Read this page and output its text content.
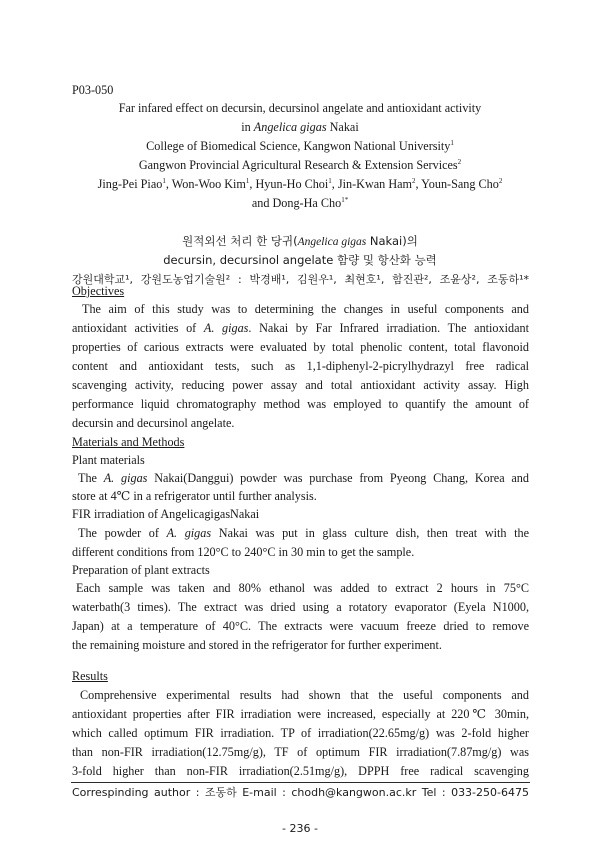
P03-050
Far infared effect on decursin, decursinol angelate and antioxidant activity
in Angelica gigas Nakai
College of Biomedical Science, Kangwon National University$^1$
Gangwon Provincial Agricultural Research & Extension Services$^2$
Jing-Pei Piao$^1$, Won-Woo Kim$^1$, Hyun-Ho Choi$^1$, Jin-Kwan Ham$^2$, Youn-Sang Cho$^2$
and Dong-Ha Cho$^{1*}$
원적외선 처리 한 당귀(Angelica gigas Nakai)의
decursin, decursinol angelate 함량 및 항산화 능력
강원대학교¹, 강원도농업기술원² : 박경배¹, 김원우¹, 최현호¹, 함진관², 조윤상², 조동하¹*
Objectives
The aim of this study was to determining the changes in useful components and
antioxidant activities of A. gigas. Nakai by Far Infrared irradiation. The antioxidant
properties of carious extracts were evaluated by total phenolic content, total flavonoid
content and antioxidant tests, such as 1,1-diphenyl-2-picrylhydrazyl free radical
scavenging activity, reducing power assay and total antioxidant activity assay. High
performance liquid chromatography method was employed to quantify the amount of
decursin and decursinol angelate.
Materials and Methods
Plant materials
The A. gigas Nakai(Danggui) powder was purchase from Pyeong Chang, Korea and
store at 4℃ in a refrigerator until further analysis.
FIR irradiation of AngelicagigasNakai
The powder of A. gigas Nakai was put in glass culture dish, then treat with the
different conditions from 120°C to 240°C in 30 min to get the sample.
Preparation of plant extracts
Each sample was taken and 80% ethanol was added to extract 2 hours in 75°C
waterbath(3 times). The extract was dried using a rotatory evaporator (Eyela N1000,
Japan) at a temperature of 40°C. The extracts were vacuum freeze dried to remove
the remaining moisture and stored in the refrigerator for further experiment.
Results
Comprehensive experimental results had shown that the useful components and
antioxidant properties after FIR irradiation were increased, especially at 220℃ 30min,
which called optimum FIR irradiation. TP of irradiation(22.65mg/g) was 2-fold higher
than non-FIR irradiation(12.75mg/g), TF of optimum FIR irradiation(7.87mg/g) was
3-fold higher than non-FIR irradiation(2.51mg/g), DPPH free radical scavenging
Correspinding author : 조동하 E-mail : chodh@kangwon.ac.kr Tel : 033-250-6475
- 236 -
